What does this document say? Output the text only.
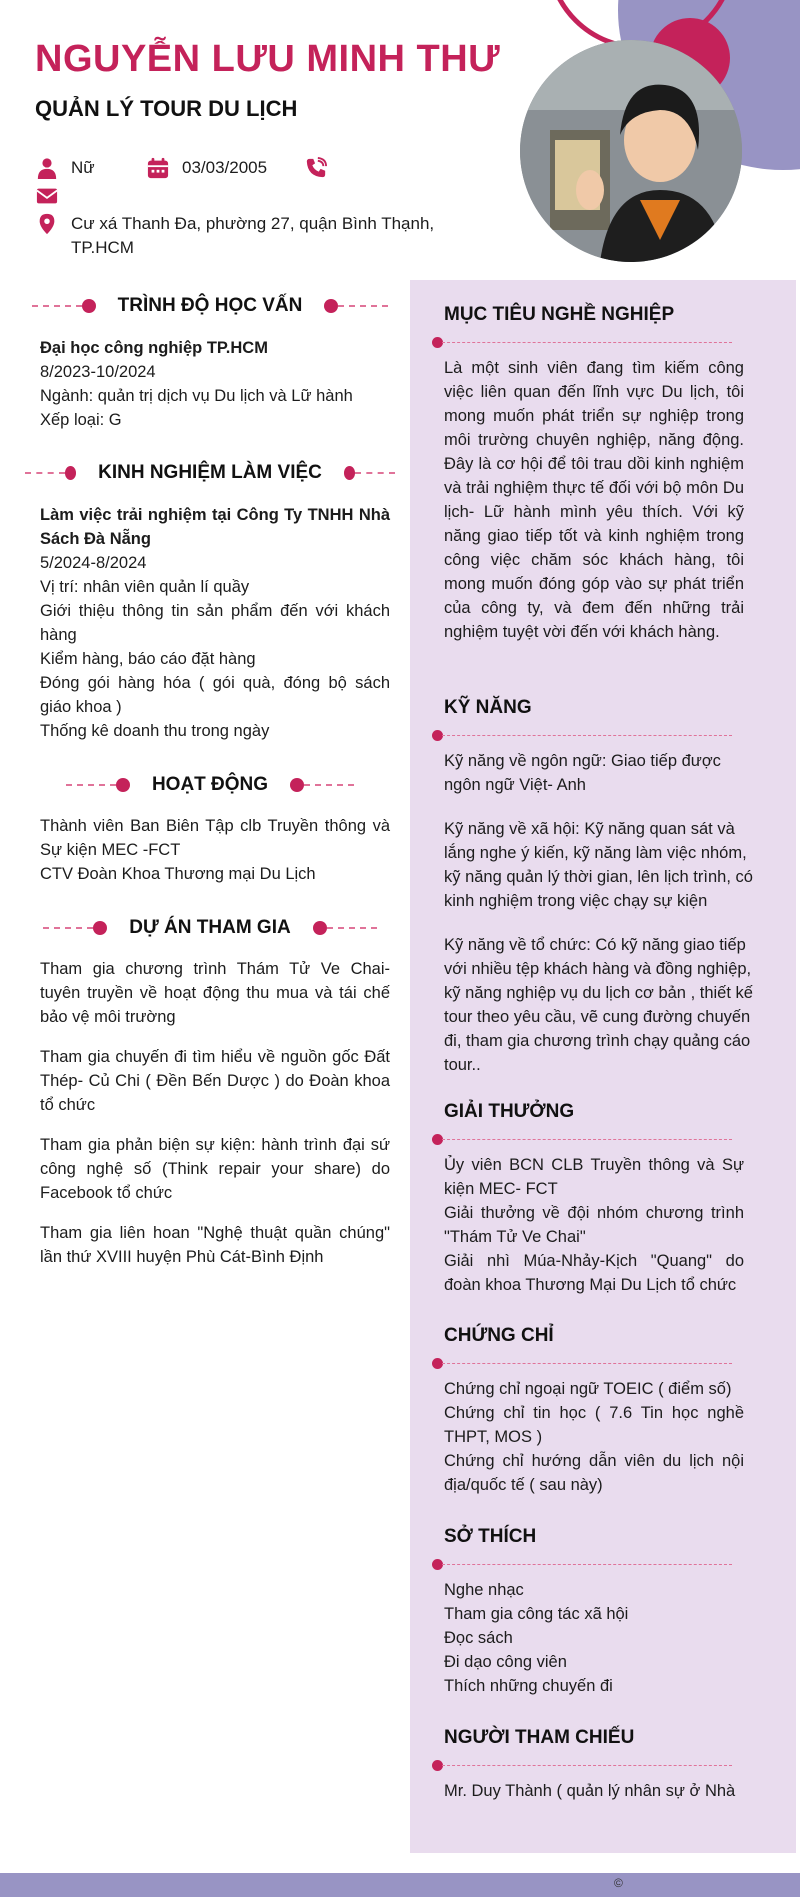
NGUYỄN LƯU MINH THƯ
QUẢN LÝ TOUR DU LỊCH
Nữ	03/03/2005
Cư xá Thanh Đa, phường 27, quận Bình Thạnh, TP.HCM
TRÌNH ĐỘ HỌC VẤN

Đại học công nghiệp TP.HCM

8/2023-10/2024

Ngành: quản trị dịch vụ Du lịch và Lữ hành

Xếp loại: G

KINH NGHIỆM LÀM VIỆC

Làm việc trải nghiệm tại Công Ty TNHH Nhà Sách Đà Nẵng

5/2024-8/2024

Vị trí: nhân viên quản lí quầy

Giới thiệu thông tin sản phẩm đến với khách hàng

Kiểm hàng, báo cáo đặt hàng

Đóng gói hàng hóa ( gói quà, đóng bộ sách giáo khoa )

Thống kê doanh thu trong ngày

HOẠT ĐỘNG

Thành viên Ban Biên Tập clb Truyền thông và Sự kiện MEC -FCT

CTV Đoàn Khoa Thương mại Du Lịch

DỰ ÁN THAM GIA

Tham gia chương trình Thám Tử Ve Chai- tuyên truyền về hoạt động thu mua và tái chế bảo vệ môi trường

Tham gia chuyến đi tìm hiểu về nguồn gốc Đất Thép- Củ Chi ( Đền Bến Dược ) do Đoàn khoa tổ chức

Tham gia phản biện sự kiện: hành trình đại sứ công nghệ số (Think repair your share) do Facebook tổ chức

Tham gia liên hoan "Nghệ thuật quần chúng" lần thứ XVIII huyện Phù Cát-Bình Định

MỤC TIÊU NGHỀ NGHIỆP
Là một sinh viên đang tìm kiếm công việc liên quan đến lĩnh vực Du lịch, tôi mong muốn phát triển sự nghiệp trong môi trường chuyên nghiệp, năng động. Đây là cơ hội để tôi trau dồi kinh nghiệm và trải nghiệm thực tế đối với bộ môn Du lịch- Lữ hành mình yêu thích. Với kỹ năng giao tiếp tốt và kinh nghiệm trong công việc chăm sóc khách hàng, tôi mong muốn đóng góp vào sự phát triển của công ty, và đem đến những trải nghiệm tuyệt vời đến với khách hàng.
KỸ NĂNG

Kỹ năng về ngôn ngữ: Giao tiếp được ngôn ngữ Việt- Anh

Kỹ năng về xã hội: Kỹ năng quan sát và lắng nghe ý kiến, kỹ năng làm việc nhóm, kỹ năng quản lý thời gian, lên lịch trình, có kinh nghiệm trong việc chạy sự kiện

Kỹ năng về tổ chức: Có kỹ năng giao tiếp với nhiều tệp khách hàng và đồng nghiệp, kỹ năng nghiệp vụ du lịch cơ bản , thiết kế tour theo yêu cầu, vẽ cung đường chuyến đi, tham gia chương trình chạy quảng cáo tour..

GIẢI THƯỞNG

Ủy viên BCN CLB Truyền thông và Sự kiện MEC- FCT

Giải thưởng về đội nhóm chương trình "Thám Tử Ve Chai"

Giải nhì Múa-Nhảy-Kịch "Quang" do đoàn khoa Thương Mại Du Lịch tổ chức

CHỨNG CHỈ

Chứng chỉ ngoại ngữ TOEIC ( điểm số)

Chứng chỉ tin học ( 7.6 Tin học nghề THPT, MOS )

Chứng chỉ hướng dẫn viên du lịch nội địa/quốc tế ( sau này)

SỞ THÍCH

Nghe nhạc

Tham gia công tác xã hội

Đọc sách

Đi dạo công viên

Thích những chuyến đi

NGƯỜI THAM CHIẾU
Mr. Duy Thành ( quản lý nhân sự ở Nhà
©
